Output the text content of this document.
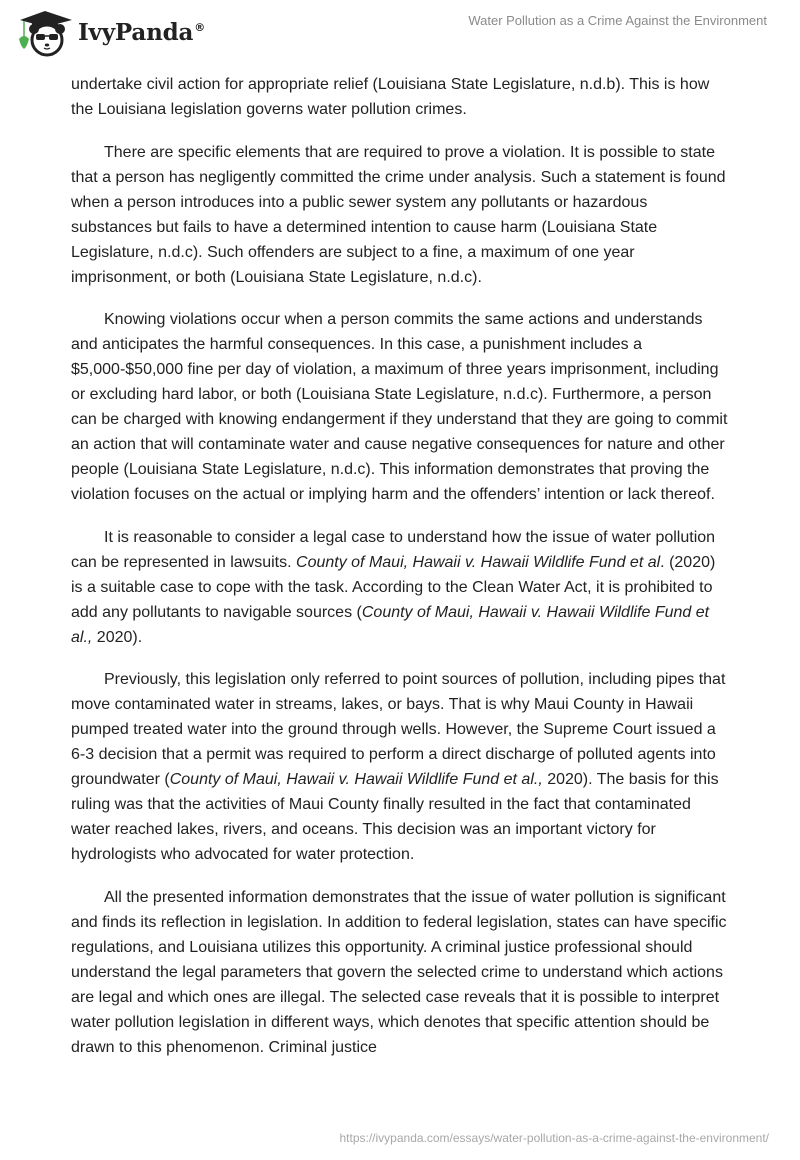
IvyPanda®	Water Pollution as a Crime Against the Environment

undertake civil action for appropriate relief (Louisiana State Legislature, n.d.b). This is how the Louisiana legislation governs water pollution crimes.

There are specific elements that are required to prove a violation. It is possible to state that a person has negligently committed the crime under analysis. Such a statement is found when a person introduces into a public sewer system any pollutants or hazardous substances but fails to have a determined intention to cause harm (Louisiana State Legislature, n.d.c). Such offenders are subject to a fine, a maximum of one year imprisonment, or both (Louisiana State Legislature, n.d.c).

Knowing violations occur when a person commits the same actions and understands and anticipates the harmful consequences. In this case, a punishment includes a $5,000-$50,000 fine per day of violation, a maximum of three years imprisonment, including or excluding hard labor, or both (Louisiana State Legislature, n.d.c). Furthermore, a person can be charged with knowing endangerment if they understand that they are going to commit an action that will contaminate water and cause negative consequences for nature and other people (Louisiana State Legislature, n.d.c). This information demonstrates that proving the violation focuses on the actual or implying harm and the offenders’ intention or lack thereof.

It is reasonable to consider a legal case to understand how the issue of water pollution can be represented in lawsuits. County of Maui, Hawaii v. Hawaii Wildlife Fund et al. (2020) is a suitable case to cope with the task. According to the Clean Water Act, it is prohibited to add any pollutants to navigable sources (County of Maui, Hawaii v. Hawaii Wildlife Fund et al., 2020).

Previously, this legislation only referred to point sources of pollution, including pipes that move contaminated water in streams, lakes, or bays. That is why Maui County in Hawaii pumped treated water into the ground through wells. However, the Supreme Court issued a 6-3 decision that a permit was required to perform a direct discharge of polluted agents into groundwater (County of Maui, Hawaii v. Hawaii Wildlife Fund et al., 2020). The basis for this ruling was that the activities of Maui County finally resulted in the fact that contaminated water reached lakes, rivers, and oceans. This decision was an important victory for hydrologists who advocated for water protection.

All the presented information demonstrates that the issue of water pollution is significant and finds its reflection in legislation. In addition to federal legislation, states can have specific regulations, and Louisiana utilizes this opportunity. A criminal justice professional should understand the legal parameters that govern the selected crime to understand which actions are legal and which ones are illegal. The selected case reveals that it is possible to interpret water pollution legislation in different ways, which denotes that specific attention should be drawn to this phenomenon. Criminal justice

https://ivypanda.com/essays/water-pollution-as-a-crime-against-the-environment/
